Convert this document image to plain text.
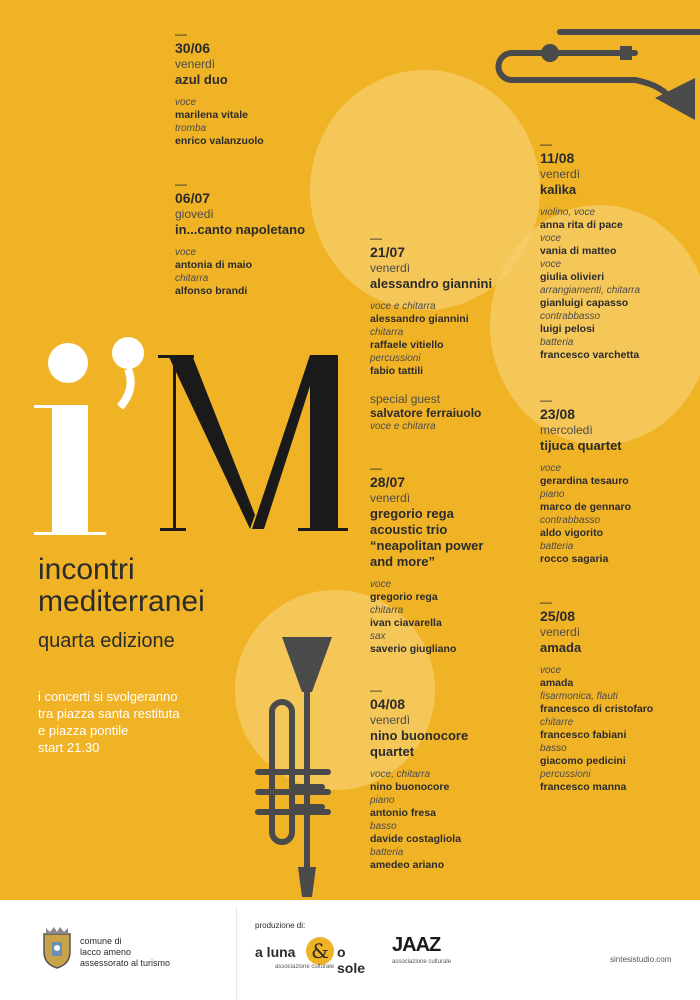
incontri
mediterranei
quarta edizione
i concerti si svolgeranno
tra piazza santa restituta
e piazza pontile
start 21.30
—
30/06
venerdì
azul duo
voce
marilena vitale
tromba
enrico valanzuolo
—
06/07
giovedì
in...canto napoletano
voce
antonia di maio
chitarra
alfonso brandi
—
21/07
venerdì
alessandro giannini
voce e chitarra
alessandro giannini
chitarra
raffaele vitiello
percussioni
fabio tattili
special guest
salvatore ferraiuolo
voce e chitarra
—
28/07
venerdì
gregorio rega
acoustic trio
“neapolitan power
and more”
voce
gregorio rega
chitarra
ivan ciavarella
sax
saverio giugliano
—
04/08
venerdì
nino buonocore
quartet
voce, chitarra
nino buonocore
piano
antonio fresa
basso
davide costagliola
batteria
amedeo ariano
—
11/08
venerdì
kalìka
violino, voce
anna rita di pace
voce
vania di matteo
voce
giulia olivieri
arrangiamenti, chitarra
gianluigi capasso
contrabbasso
luigi pelosi
batteria
francesco varchetta
—
23/08
mercoledì
tijuca quartet
voce
gerardina tesauro
piano
marco de gennaro
contrabbasso
aldo vigorito
batteria
rocco sagaria
—
25/08
venerdì
amada
voce
amada
fisarmonica, flauti
francesco di cristofaro
chitarre
francesco fabiani
basso
giacomo pedicini
percussioni
francesco manna
comune di
lacco ameno
assessorato al turismo
produzione di:
a luna & o sole
associazione culturale
JAAZ
associazione culturale	sintesistudio.com
